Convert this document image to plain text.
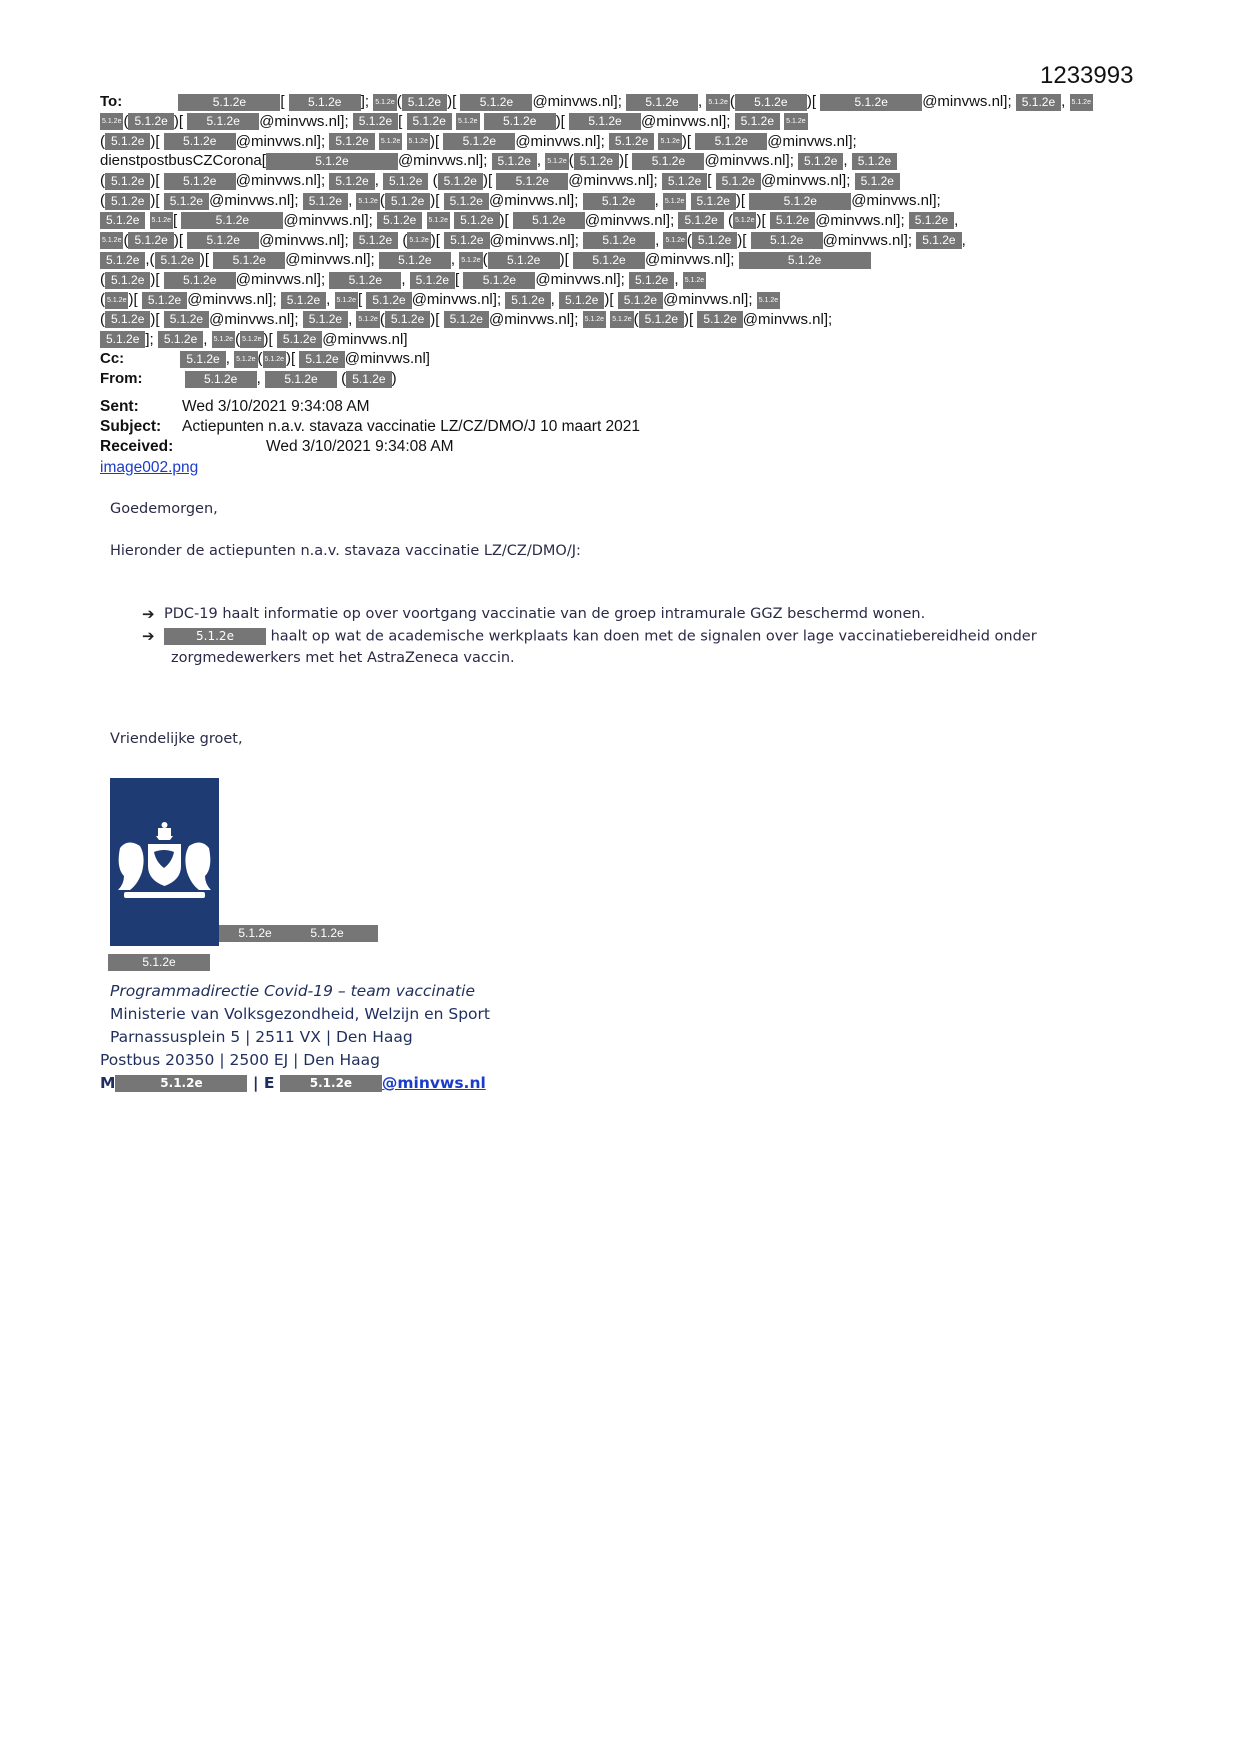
1233993
To:	5.1.2e [ 5.1.2e ]; 5.1.2e ( 5.1.2e )[ 5.1.2e @minvws.nl]; 5.1.2e , 5.1.2e ( 5.1.2e )[	5.1.2e @minvws.nl]; 5.1.2e , 5.1.2e
5.1.2e ( 5.1.2e )[ 5.1.2e @minvws.nl]; 5.1.2e [ 5.1.2e 5.1.2e 5.1.2e )[ 5.1.2e @minvws.nl]; 5.1.2e 5.1.2e
( 5.1.2e )[ 5.1.2e @minvws.nl]; 5.1.2e 5.1.2e 5.1.2e )[ 5.1.2e @minvws.nl]; 5.1.2e 5.1.2e )[ 5.1.2e @minvws.nl];
dienstpostbusCZCorona[	5.1.2e	@minvws.nl]; 5.1.2e , 5.1.2e ( 5.1.2e )[ 5.1.2e @minvws.nl]; 5.1.2e , 5.1.2e
( 5.1.2e )[ 5.1.2e @minvws.nl]; 5.1.2e , 5.1.2e ( 5.1.2e )[ 5.1.2e @minvws.nl]; 5.1.2e [ 5.1.2e @minvws.nl]; 5.1.2e
( 5.1.2e )[ 5.1.2e @minvws.nl]; 5.1.2e , 5.1.2e ( 5.1.2e )[ 5.1.2e @minvws.nl]; 5.1.2e , 5.1.2e 5.1.2e )[	5.1.2e @minvws.nl];
5.1.2e 5.1.2e [	5.1.2e @minvws.nl]; 5.1.2e 5.1.2e 5.1.2e )[ 5.1.2e @minvws.nl]; 5.1.2e ( 5.1.2e )[ 5.1.2e @minvws.nl]; 5.1.2e ,
5.1.2e ( 5.1.2e )[ 5.1.2e @minvws.nl]; 5.1.2e ( 5.1.2e )[ 5.1.2e @minvws.nl]; 5.1.2e , 5.1.2e ( 5.1.2e )[ 5.1.2e @minvws.nl]; 5.1.2e ,
5.1.2e ,( 5.1.2e )[ 5.1.2e @minvws.nl]; 5.1.2e , 5.1.2e ( 5.1.2e )[ 5.1.2e @minvws.nl];	5.1.2e
( 5.1.2e )[ 5.1.2e @minvws.nl]; 5.1.2e , 5.1.2e [ 5.1.2e @minvws.nl]; 5.1.2e , 5.1.2e
( 5.1.2e )[ 5.1.2e @minvws.nl]; 5.1.2e , 5.1.2e [ 5.1.2e @minvws.nl]; 5.1.2e , 5.1.2e )[ 5.1.2e @minvws.nl]; 5.1.2e
( 5.1.2e )[ 5.1.2e @minvws.nl]; 5.1.2e , 5.1.2e ( 5.1.2e )[ 5.1.2e @minvws.nl]; 5.1.2e 5.1.2e ( 5.1.2e )[ 5.1.2e @minvws.nl];
5.1.2e ]; 5.1.2e , 5.1.2e ( 5.1.2e )[ 5.1.2e @minvws.nl]
Cc:	5.1.2e , 5.1.2e ( 5.1.2e )[ 5.1.2e @minvws.nl]
From:	5.1.2e , 5.1.2e ( 5.1.2e )
Sent:	Wed 3/10/2021 9:34:08 AM
Subject: Actiepunten n.a.v. stavaza vaccinatie LZ/CZ/DMO/J 10 maart 2021
Received:	Wed 3/10/2021 9:34:08 AM
image002.png
Goedemorgen,
Hieronder de actiepunten n.a.v. stavaza vaccinatie LZ/CZ/DMO/J:
➔ PDC-19 haalt informatie op over voortgang vaccinatie van de groep intramurale GGZ beschermd wonen.
➔	5.1.2e	haalt op wat de academische werkplaats kan doen met de signalen over lage vaccinatiebereidheid onder
zorgmedewerkers met het AstraZeneca vaccin.
Vriendelijke groet,
5.1.2e	5.1.2e
5.1.2e
Programmadirectie Covid-19 – team vaccinatie
Ministerie van Volksgezondheid, Welzijn en Sport
Parnassusplein 5 | 2511 VX | Den Haag
Postbus 20350 | 2500 EJ | Den Haag
M	5.1.2e	| E	5.1.2e @minvws.nl
